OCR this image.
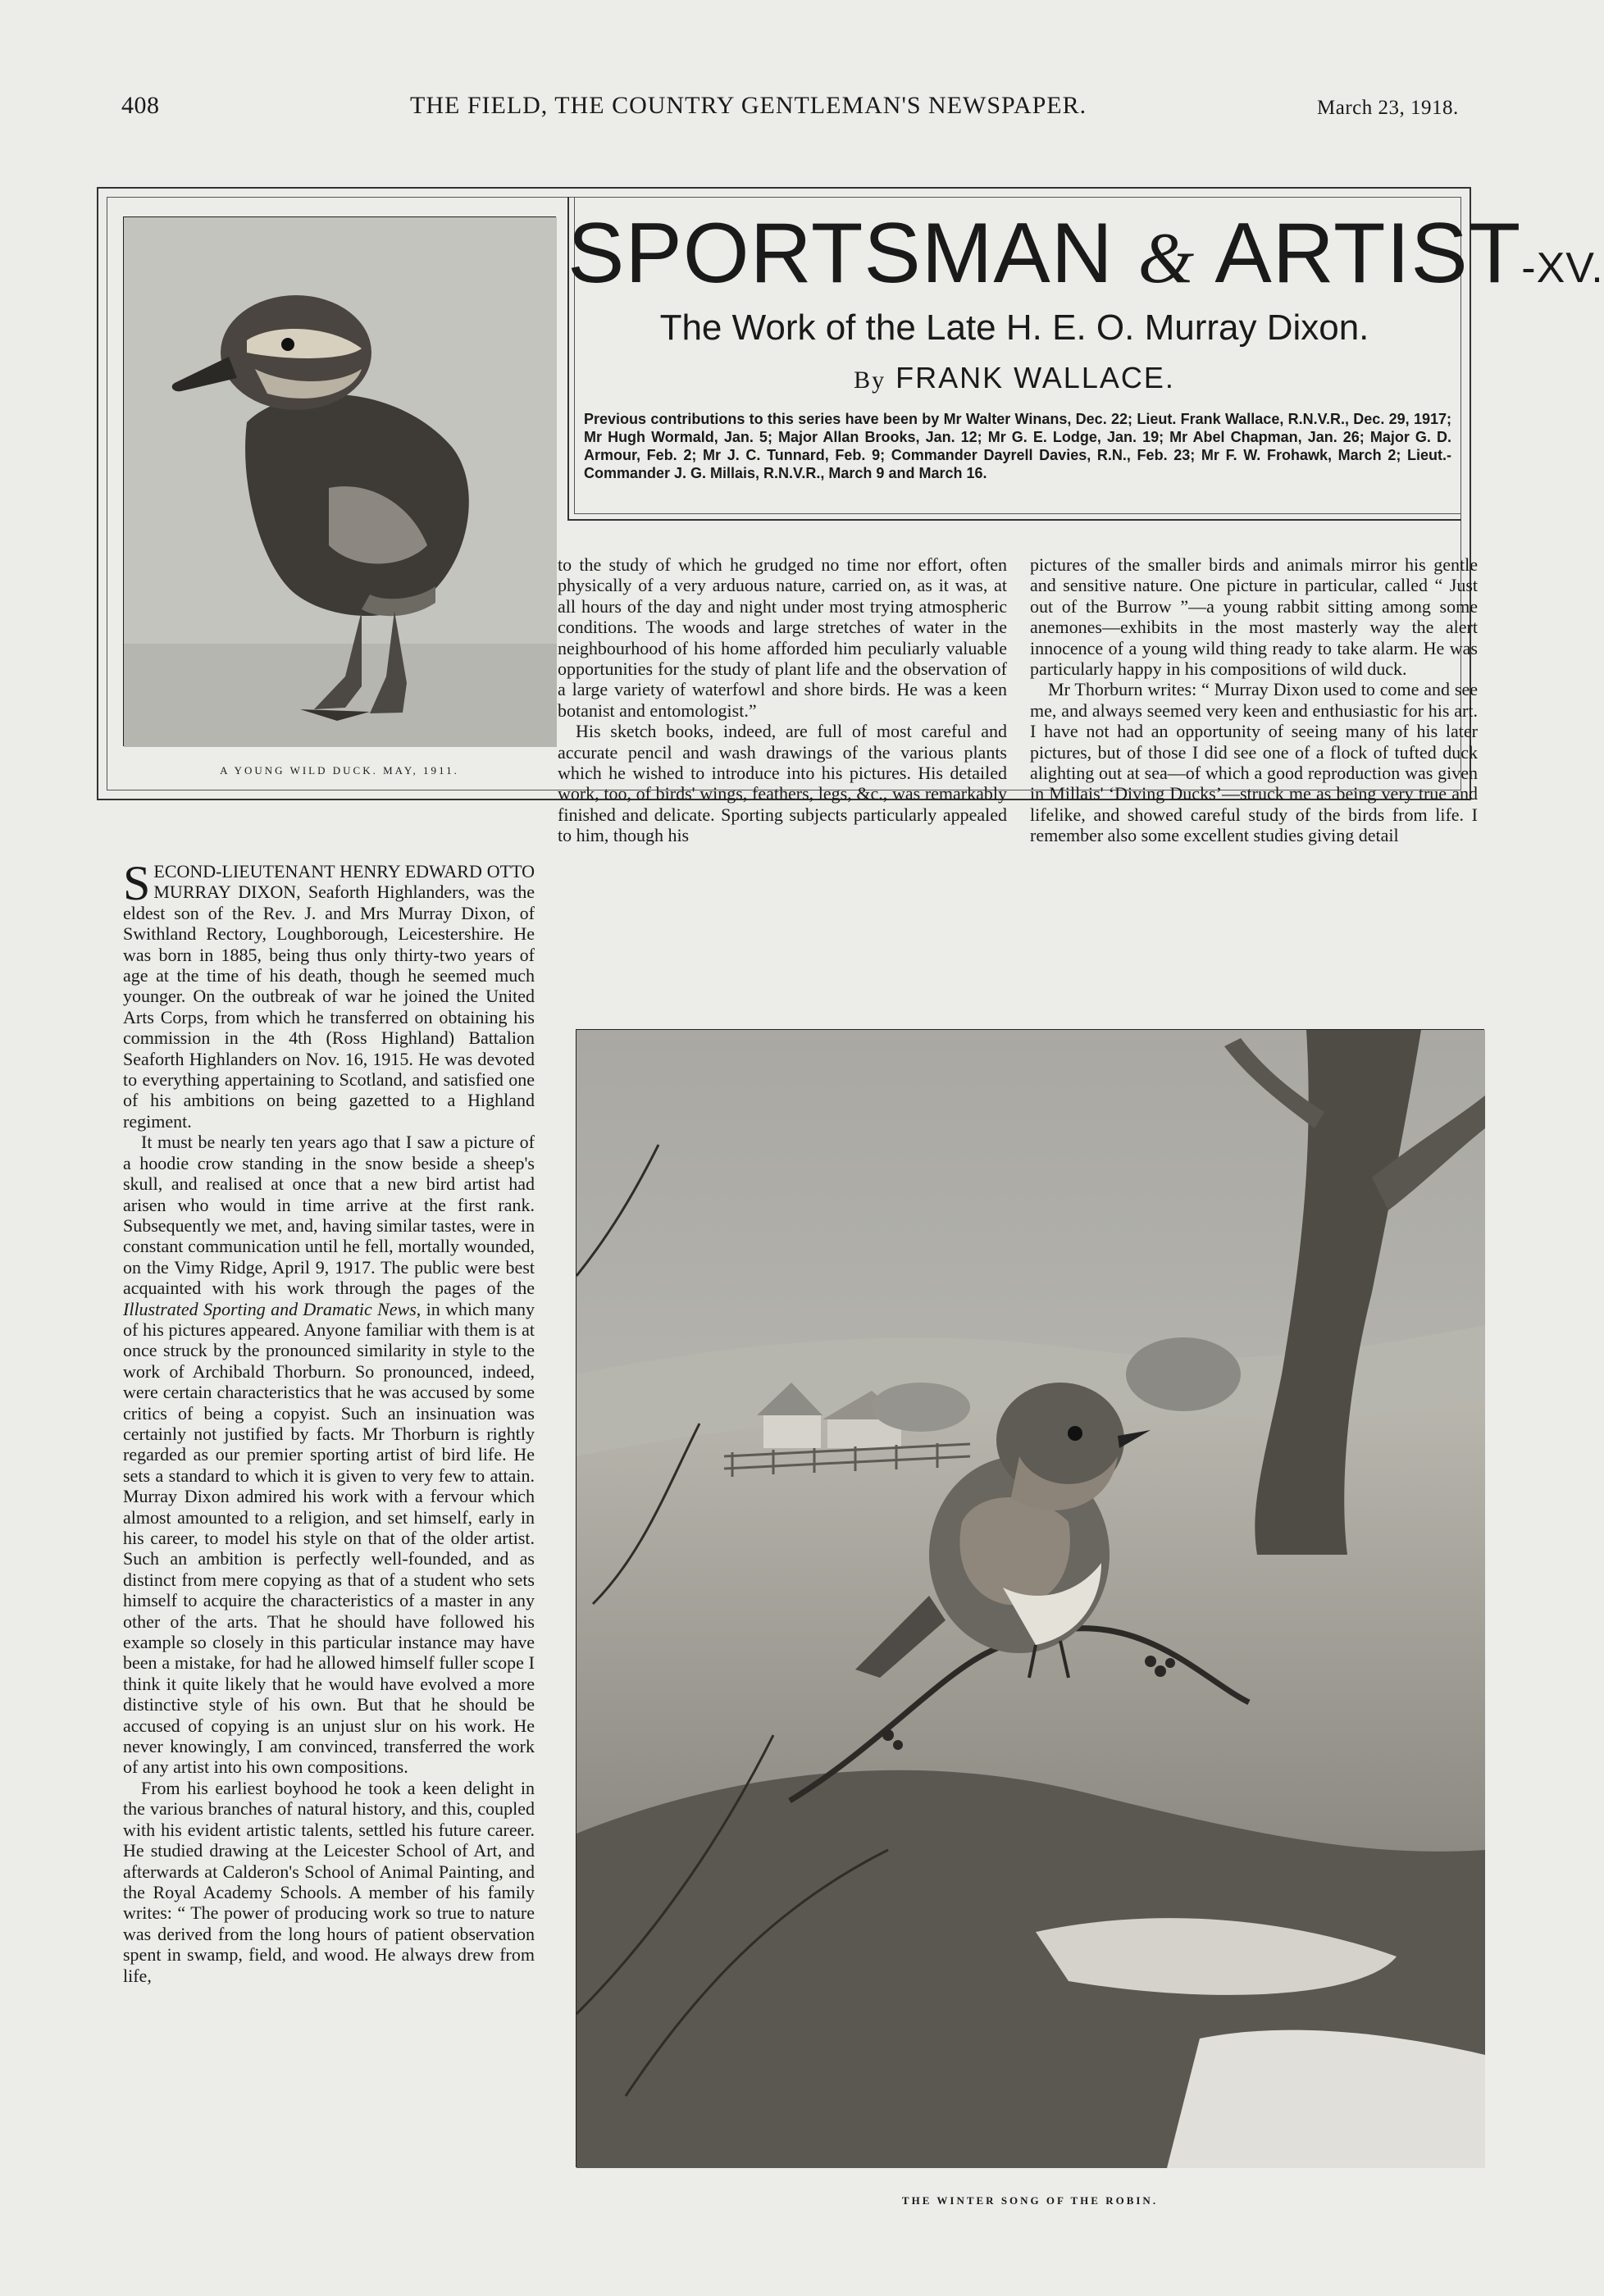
408	THE FIELD, THE COUNTRY GENTLEMAN'S NEWSPAPER.	March 23, 1918.
SPORTSMAN & ARTIST-XV.
The Work of the Late H. E. O. Murray Dixon.
By FRANK WALLACE.
Previous contributions to this series have been by Mr Walter Winans, Dec. 22; Lieut. Frank Wallace, R.N.V.R., Dec. 29, 1917; Mr Hugh Wormald, Jan. 5; Major Allan Brooks, Jan. 12; Mr G. E. Lodge, Jan. 19; Mr Abel Chapman, Jan. 26; Major G. D. Armour, Feb. 2; Mr J. C. Tunnard, Feb. 9; Commander Dayrell Davies, R.N., Feb. 23; Mr F. W. Frohawk, March 2; Lieut.-Commander J. G. Millais, R.N.V.R., March 9 and March 16.
A YOUNG WILD DUCK. MAY, 1911.

SECOND-LIEUTENANT HENRY EDWARD OTTO MURRAY DIXON, Seaforth Highlanders, was the eldest son of the Rev. J. and Mrs Murray Dixon, of Swithland Rectory, Loughborough, Leicestershire. He was born in 1885, being thus only thirty-two years of age at the time of his death, though he seemed much younger. On the outbreak of war he joined the United Arts Corps, from which he transferred on obtaining his commission in the 4th (Ross Highland) Battalion Seaforth Highlanders on Nov. 16, 1915. He was devoted to everything appertaining to Scotland, and satisfied one of his ambitions on being gazetted to a Highland regiment.

It must be nearly ten years ago that I saw a picture of a hoodie crow standing in the snow beside a sheep's skull, and realised at once that a new bird artist had arisen who would in time arrive at the first rank. Subsequently we met, and, having similar tastes, were in constant communication until he fell, mortally wounded, on the Vimy Ridge, April 9, 1917. The public were best acquainted with his work through the pages of the Illustrated Sporting and Dramatic News, in which many of his pictures appeared. Anyone familiar with them is at once struck by the pronounced similarity in style to the work of Archibald Thorburn. So pronounced, indeed, were certain characteristics that he was accused by some critics of being a copyist. Such an insinuation was certainly not justified by facts. Mr Thorburn is rightly regarded as our premier sporting artist of bird life. He sets a standard to which it is given to very few to attain. Murray Dixon admired his work with a fervour which almost amounted to a religion, and set himself, early in his career, to model his style on that of the older artist. Such an ambition is perfectly well-founded, and as distinct from mere copying as that of a student who sets himself to acquire the characteristics of a master in any other of the arts. That he should have followed his example so closely in this particular instance may have been a mistake, for had he allowed himself fuller scope I think it quite likely that he would have evolved a more distinctive style of his own. But that he should be accused of copying is an unjust slur on his work. He never knowingly, I am convinced, transferred the work of any artist into his own compositions.

From his earliest boyhood he took a keen delight in the various branches of natural history, and this, coupled with his evident artistic talents, settled his future career. He studied drawing at the Leicester School of Art, and afterwards at Calderon's School of Animal Painting, and the Royal Academy Schools. A member of his family writes: “ The power of producing work so true to nature was derived from the long hours of patient observation spent in swamp, field, and wood. He always drew from life,

to the study of which he grudged no time nor effort, often physically of a very arduous nature, carried on, as it was, at all hours of the day and night under most trying atmospheric conditions. The woods and large stretches of water in the neighbourhood of his home afforded him peculiarly valuable opportunities for the study of plant life and the observation of a large variety of waterfowl and shore birds. He was a keen botanist and entomologist.”

His sketch books, indeed, are full of most careful and accurate pencil and wash drawings of the various plants which he wished to introduce into his pictures. His detailed work, too, of birds' wings, feathers, legs, &c., was remarkably finished and delicate. Sporting subjects particularly appealed to him, though his

pictures of the smaller birds and animals mirror his gentle and sensitive nature. One picture in particular, called “ Just out of the Burrow ”—a young rabbit sitting among some anemones—exhibits in the most masterly way the alert innocence of a young wild thing ready to take alarm. He was particularly happy in his compositions of wild duck.

Mr Thorburn writes: “ Murray Dixon used to come and see me, and always seemed very keen and enthusiastic for his art. I have not had an opportunity of seeing many of his later pictures, but of those I did see one of a flock of tufted duck alighting out at sea—of which a good reproduction was given in Millais' ‘Diving Ducks’—struck me as being very true and lifelike, and showed careful study of the birds from life. I remember also some excellent studies giving detail

THE WINTER SONG OF THE ROBIN.
